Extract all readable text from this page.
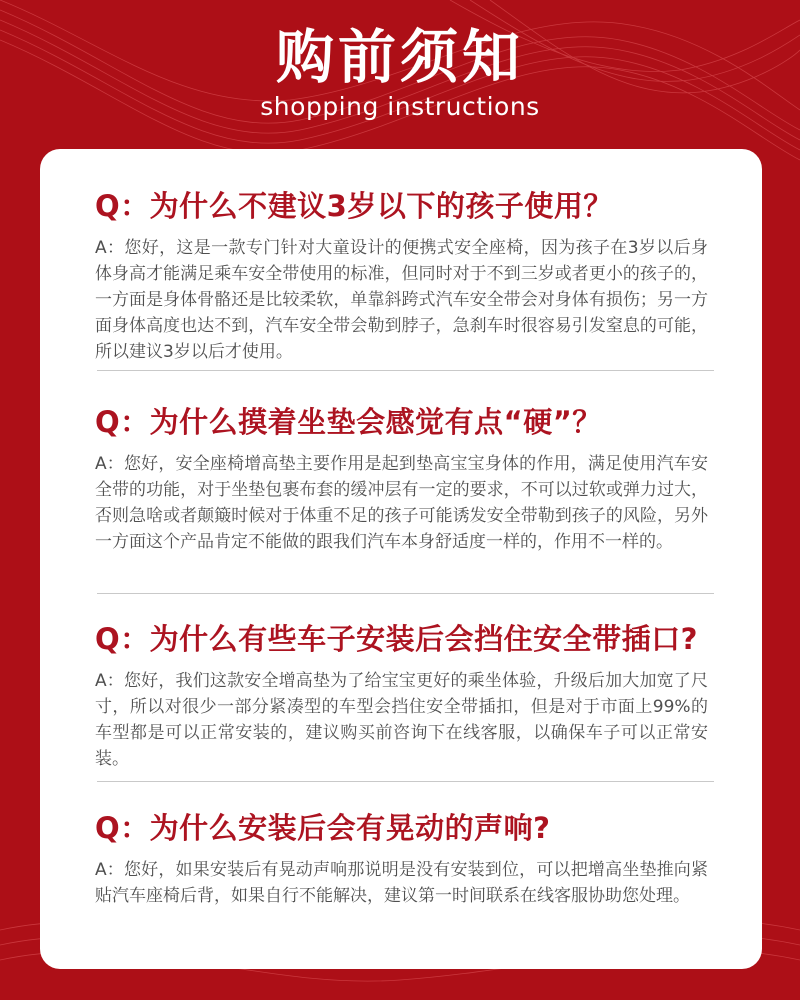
购前须知
shopping instructions
Q：为什么不建议3岁以下的孩子使用？
A：您好，这是一款专门针对大童设计的便携式安全座椅，因为孩子在3岁以后身体身高才能满足乘车安全带使用的标准，但同时对于不到三岁或者更小的孩子的，一方面是身体骨骼还是比较柔软，单靠斜跨式汽车安全带会对身体有损伤；另一方面身体高度也达不到，汽车安全带会勒到脖子，急刹车时很容易引发窒息的可能，所以建议3岁以后才使用。
Q：为什么摸着坐垫会感觉有点“硬”？
A：您好，安全座椅增高垫主要作用是起到垫高宝宝身体的作用，满足使用汽车安全带的功能，对于坐垫包裹布套的缓冲层有一定的要求，不可以过软或弹力过大，否则急啥或者颠簸时候对于体重不足的孩子可能诱发安全带勒到孩子的风险，另外一方面这个产品肯定不能做的跟我们汽车本身舒适度一样的，作用不一样的。
Q：为什么有些车子安装后会挡住安全带插口?
A：您好，我们这款安全增高垫为了给宝宝更好的乘坐体验，升级后加大加宽了尺寸，所以对很少一部分紧凑型的车型会挡住安全带插扣，但是对于市面上99%的车型都是可以正常安装的，建议购买前咨询下在线客服，以确保车子可以正常安装。
Q：为什么安装后会有晃动的声响?
A：您好，如果安装后有晃动声响那说明是没有安装到位，可以把增高坐垫推向紧贴汽车座椅后背，如果自行不能解决，建议第一时间联系在线客服协助您处理。
